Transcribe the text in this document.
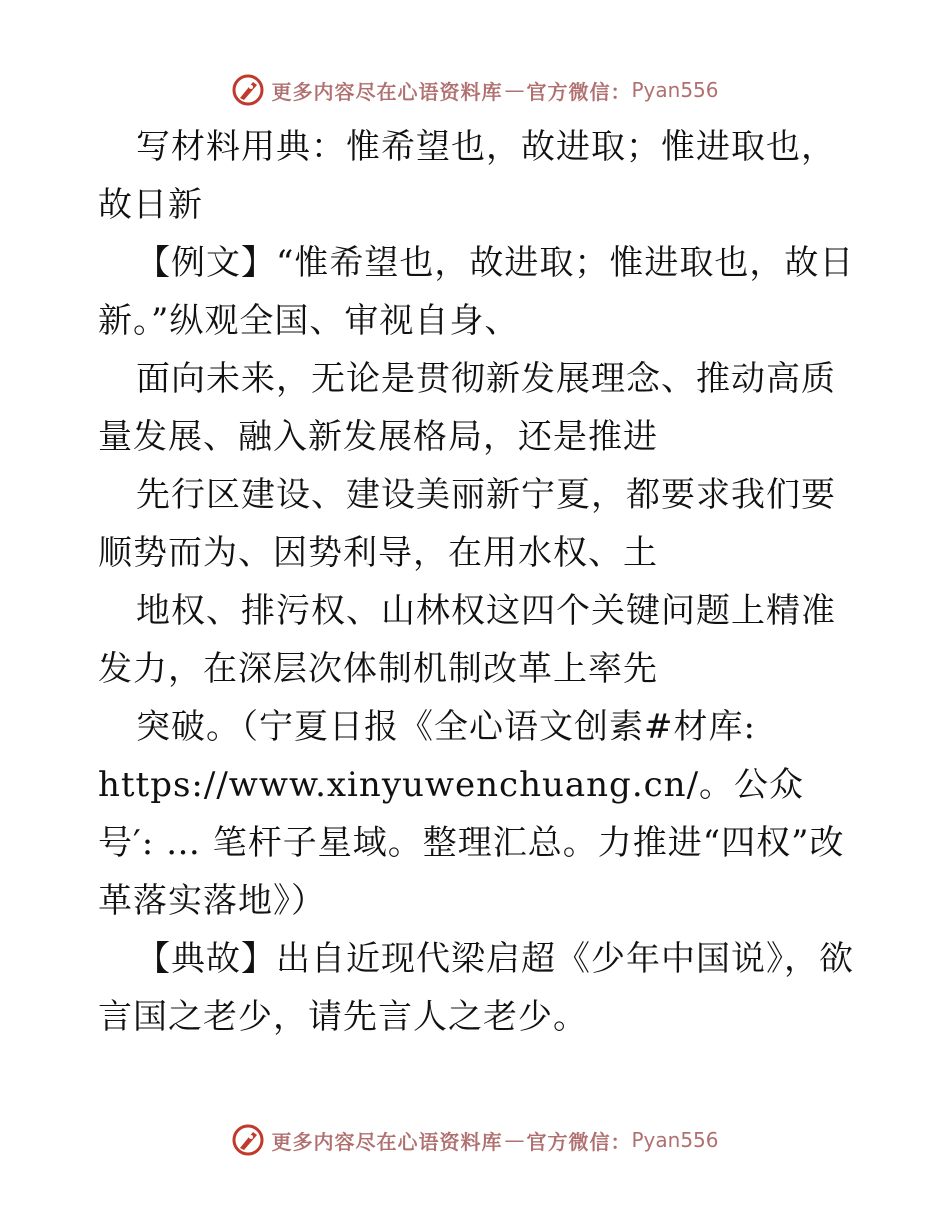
更多内容尽在心语资料库 — 官方微信： Pyan556

写材料用典：惟希望也，故进取；惟进取也，故日新

【例文】“惟希望也，故进取；惟进取也，故日新。”纵观全国、审视自身、

面向未来，无论是贯彻新发展理念、推动高质量发展、融入新发展格局，还是推进

先行区建设、建设美丽新宁夏，都要求我们要顺势而为、因势利导，在用水权、土

地权、排污权、山林权这四个关键问题上精准发力，在深层次体制机制改革上率先

突破。（宁夏日报《全心语文创素#材库:

https://www.xinyuwenchuang.cn/。公众号′: … 笔杆子星域。整理汇总。力推进“四权”改革落实落地》）

【典故】出自近现代梁启超《少年中国说》，欲言国之老少，请先言人之老少。

更多内容尽在心语资料库 — 官方微信： Pyan556
